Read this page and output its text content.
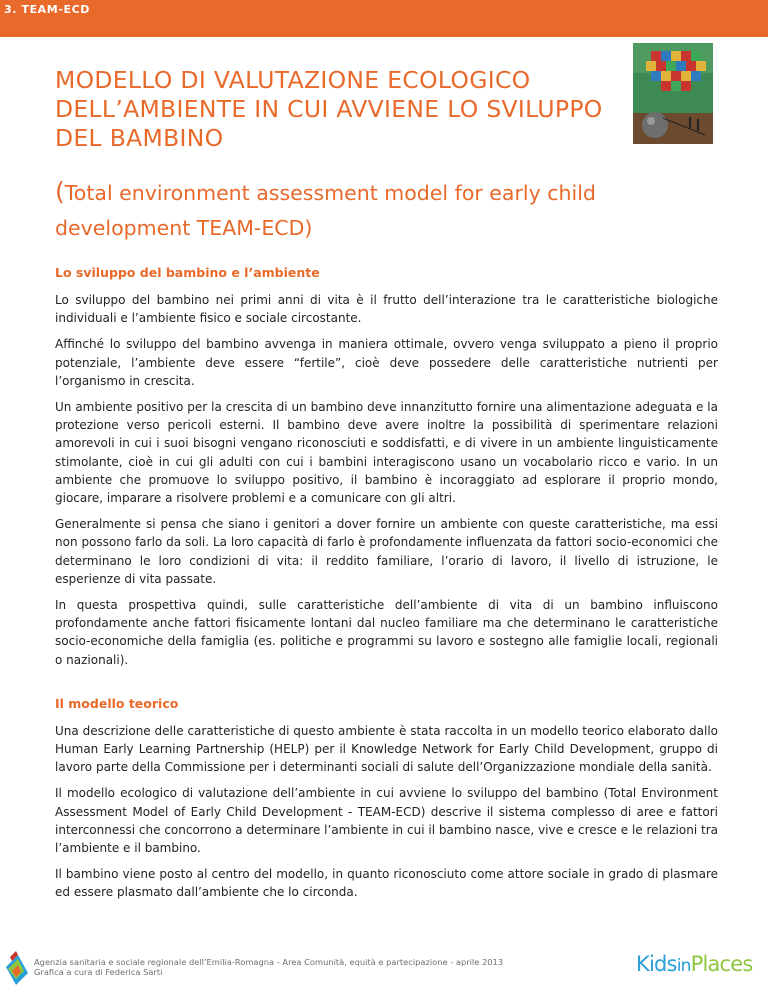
3. TEAM-ECD
MODELLO DI VALUTAZIONE ECOLOGICO DELL’AMBIENTE IN CUI AVVIENE LO SVILUPPO DEL BAMBINO

(Total environment assessment model for early child development TEAM-ECD)

Lo sviluppo del bambino e l’ambiente

Lo sviluppo del bambino nei primi anni di vita è il frutto dell’interazione tra le caratteristiche biologiche individuali e l’ambiente fisico e sociale circostante.

Affinché lo sviluppo del bambino avvenga in maniera ottimale, ovvero venga sviluppato a pieno il proprio potenziale, l’ambiente deve essere “fertile”, cioè deve possedere delle caratteristiche nutrienti per l’organismo in crescita.

Un ambiente positivo per la crescita di un bambino deve innanzitutto fornire una alimentazione adeguata e la protezione verso pericoli esterni. Il bambino deve avere inoltre la possibilità di sperimentare relazioni amorevoli in cui i suoi bisogni vengano riconosciuti e soddisfatti, e di vivere in un ambiente linguisticamente stimolante, cioè in cui gli adulti con cui i bambini interagiscono usano un vocabolario ricco e vario. In un ambiente che promuove lo sviluppo positivo, il bambino è incoraggiato ad esplorare il proprio mondo, giocare, imparare a risolvere problemi e a comunicare con gli altri.

Generalmente si pensa che siano i genitori a dover fornire un ambiente con queste caratteristiche, ma essi non possono farlo da soli. La loro capacità di farlo è profondamente influenzata da fattori socio-economici che determinano le loro condizioni di vita: il reddito familiare, l’orario di lavoro, il livello di istruzione, le esperienze di vita passate.

In questa prospettiva quindi, sulle caratteristiche dell’ambiente di vita di un bambino influiscono profondamente anche fattori fisicamente lontani dal nucleo familiare ma che determinano le caratteristiche socio-economiche della famiglia (es. politiche e programmi su lavoro e sostegno alle famiglie locali, regionali o nazionali).

Il modello teorico

Una descrizione delle caratteristiche di questo ambiente è stata raccolta in un modello teorico elaborato dallo Human Early Learning Partnership (HELP) per il Knowledge Network for Early Child Development, gruppo di lavoro parte della Commissione per i determinanti sociali di salute dell’Organizzazione mondiale della sanità.

Il modello ecologico di valutazione dell’ambiente in cui avviene lo sviluppo del bambino (Total Environment Assessment Model of Early Child Development - TEAM-ECD) descrive il sistema complesso di aree e fattori interconnessi che concorrono a determinare l’ambiente in cui il bambino nasce, vive e cresce e le relazioni tra l’ambiente e il bambino.

Il bambino viene posto al centro del modello, in quanto riconosciuto come attore sociale in grado di plasmare ed essere plasmato dall’ambiente che lo circonda.

Agenzia sanitaria e sociale regionale dell’Emilia-Romagna - Area Comunità, equità e partecipazione - aprile 2013
Grafica a cura di Federica Sarti	KidsinPlaces
